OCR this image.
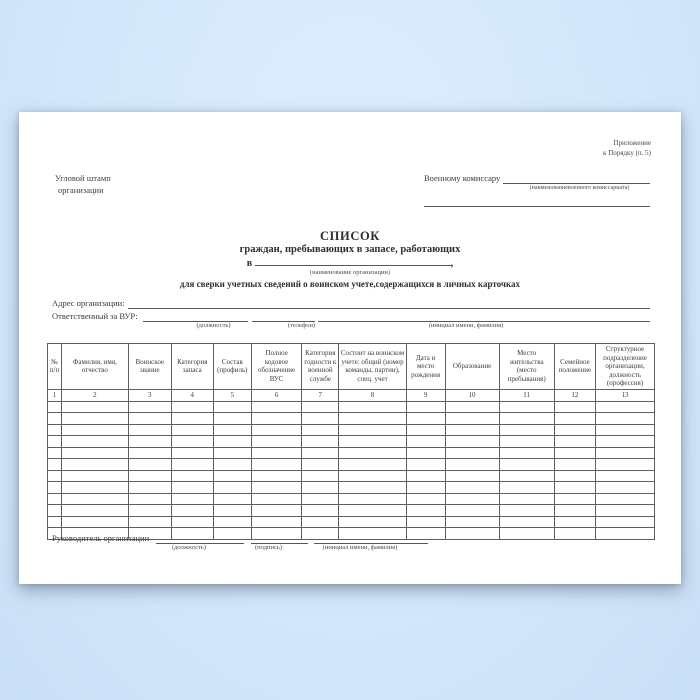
Приложение
к Порядку (п. 5)
Угловой штамп
организации
Военному комиссару
(наименованиевоенного комиссариата)
СПИСОК
граждан, пребывающих в запасе, работающих
в	,
(наименование организации)
для сверки учетных сведений о воинском учете,содержащихся в личных карточках
Адрес организации:
Ответственный за ВУР:
(должность)	(телефон)	(инициал имени, фамилия)
№ п/п	Фамилия, имя, отчество	Воинское звание	Категория запаса	Состав (профиль)	Полное кодовое обозначение ВУС	Категория годности к военной службе	Состоит на воинском учете: общий (номер команды, партии), спец. учет	Дата и место рождения	Образование	Место жительства (место пребывания)	Семейное положение	Структурное подразделение организации, должность (профессия)
1	2	3	4	5	6	7	8	9	10	11	12	13

Руководитель организации
(должность)	(подпись)	(инициал имени, фамилия)
